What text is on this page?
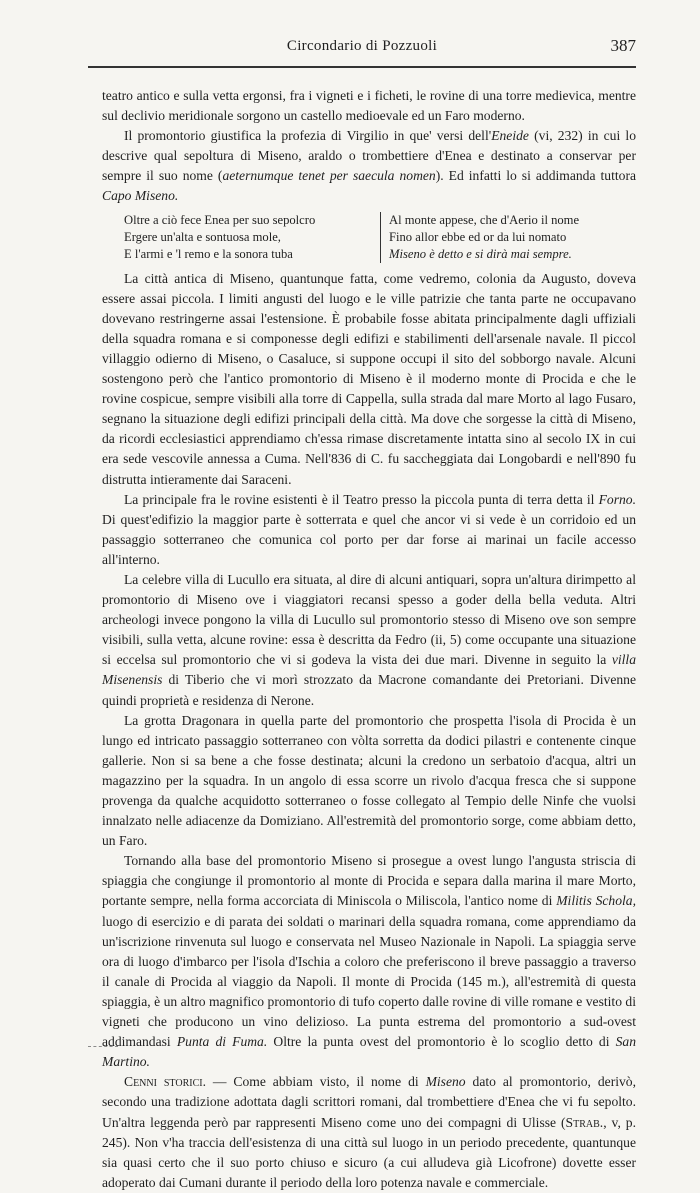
Circondario di Pozzuoli	387

teatro antico e sulla vetta ergonsi, fra i vigneti e i ficheti, le rovine di una torre medievica, mentre sul declivio meridionale sorgono un castello medioevale ed un Faro moderno.

Il promontorio giustifica la profezia di Virgilio in que' versi dell'Eneide (vi, 232) in cui lo descrive qual sepoltura di Miseno, araldo o trombettiere d'Enea e destinato a conservar per sempre il suo nome (aeternumque tenet per saecula nomen). Ed infatti lo si addimanda tuttora Capo Miseno.

Oltre a ciò fece Enea per suo sepolcro
Ergere un'alta e sontuosa mole,
E l'armi e 'l remo e la sonora tuba
Al monte appese, che d'Aerio il nome
Fino allor ebbe ed or da lui nomato
Miseno è detto e si dirà mai sempre.

La città antica di Miseno, quantunque fatta, come vedremo, colonia da Augusto, doveva essere assai piccola. I limiti angusti del luogo e le ville patrizie che tanta parte ne occupavano dovevano restringerne assai l'estensione. È probabile fosse abitata principalmente dagli uffiziali della squadra romana e si componesse degli edifizi e stabilimenti dell'arsenale navale. Il piccol villaggio odierno di Miseno, o Casaluce, si suppone occupi il sito del sobborgo navale. Alcuni sostengono però che l'antico promontorio di Miseno è il moderno monte di Procida e che le rovine cospicue, sempre visibili alla torre di Cappella, sulla strada dal mare Morto al lago Fusaro, segnano la situazione degli edifizi principali della città. Ma dove che sorgesse la città di Miseno, da ricordi ecclesiastici apprendiamo ch'essa rimase discretamente intatta sino al secolo IX in cui era sede vescovile annessa a Cuma. Nell'836 di C. fu saccheggiata dai Longobardi e nell'890 fu distrutta intieramente dai Saraceni.

La principale fra le rovine esistenti è il Teatro presso la piccola punta di terra detta il Forno. Di quest'edifizio la maggior parte è sotterrata e quel che ancor vi si vede è un corridoio ed un passaggio sotterraneo che comunica col porto per dar forse ai marinai un facile accesso all'interno.

La celebre villa di Lucullo era situata, al dire di alcuni antiquari, sopra un'altura dirimpetto al promontorio di Miseno ove i viaggiatori recansi spesso a goder della bella veduta. Altri archeologi invece pongono la villa di Lucullo sul promontorio stesso di Miseno ove son sempre visibili, sulla vetta, alcune rovine: essa è descritta da Fedro (ii, 5) come occupante una situazione si eccelsa sul promontorio che vi si godeva la vista dei due mari. Divenne in seguito la villa Misenensis di Tiberio che vi morì strozzato da Macrone comandante dei Pretoriani. Divenne quindi proprietà e residenza di Nerone.

La grotta Dragonara in quella parte del promontorio che prospetta l'isola di Procida è un lungo ed intricato passaggio sotterraneo con vòlta sorretta da dodici pilastri e contenente cinque gallerie. Non si sa bene a che fosse destinata; alcuni la credono un serbatoio d'acqua, altri un magazzino per la squadra. In un angolo di essa scorre un rivolo d'acqua fresca che si suppone provenga da qualche acquidotto sotterraneo o fosse collegato al Tempio delle Ninfe che vuolsi innalzato nelle adiacenze da Domiziano. All'estremità del promontorio sorge, come abbiam detto, un Faro.

Tornando alla base del promontorio Miseno si prosegue a ovest lungo l'angusta striscia di spiaggia che congiunge il promontorio al monte di Procida e separa dalla marina il mare Morto, portante sempre, nella forma accorciata di Miniscola o Miliscola, l'antico nome di Militis Schola, luogo di esercizio e di parata dei soldati o marinari della squadra romana, come apprendiamo da un'iscrizione rinvenuta sul luogo e conservata nel Museo Nazionale in Napoli. La spiaggia serve ora di luogo d'imbarco per l'isola d'Ischia a coloro che preferiscono il breve passaggio a traverso il canale di Procida al viaggio da Napoli. Il monte di Procida (145 m.), all'estremità di questa spiaggia, è un altro magnifico promontorio di tufo coperto dalle rovine di ville romane e vestito di vigneti che producono un vino delizioso. La punta estrema del promontorio a sud-ovest addimandasi Punta di Fuma. Oltre la punta ovest del promontorio è lo scoglio detto di San Martino.

Cenni storici. — Come abbiam visto, il nome di Miseno dato al promontorio, derivò, secondo una tradizione adottata dagli scrittori romani, dal trombettiere d'Enea che vi fu sepolto. Un'altra leggenda però par rappresenti Miseno come uno dei compagni di Ulisse (Strab., v, p. 245). Non v'ha traccia dell'esistenza di una città sul luogo in un periodo precedente, quantunque sia quasi certo che il suo porto chiuso e sicuro (a cui alludeva già Licofrone) dovette esser adoperato dai Cumani durante il periodo della loro potenza navale e commerciale.
